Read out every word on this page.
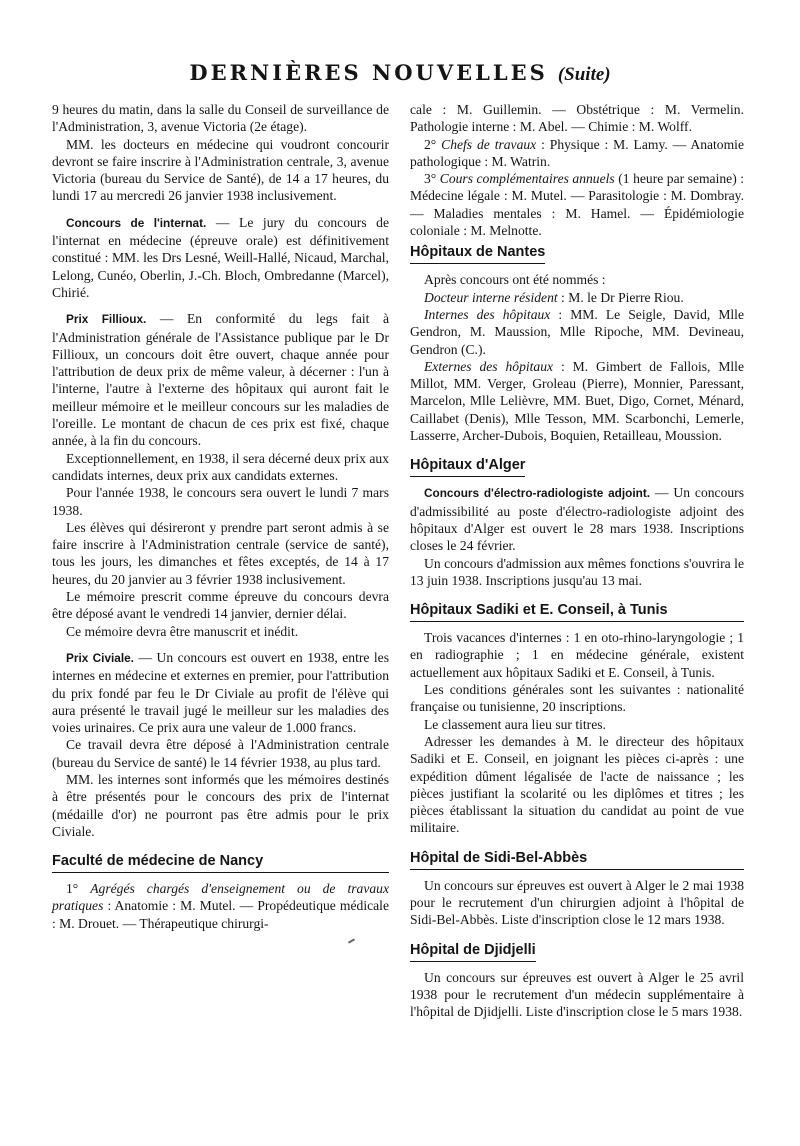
DERNIÈRES NOUVELLES (Suite)

9 heures du matin, dans la salle du Conseil de surveillance de l'Administration, 3, avenue Victoria (2e étage).

MM. les docteurs en médecine qui voudront concourir devront se faire inscrire à l'Administration centrale, 3, avenue Victoria (bureau du Service de Santé), de 14 a 17 heures, du lundi 17 au mercredi 26 janvier 1938 inclusivement.

Concours de l'internat. — Le jury du concours de l'internat en médecine (épreuve orale) est définitivement constitué : MM. les Drs Lesné, Weill-Hallé, Nicaud, Marchal, Lelong, Cunéo, Oberlin, J.-Ch. Bloch, Ombredanne (Marcel), Chirié.

Prix Fillioux. — En conformité du legs fait à l'Administration générale de l'Assistance publique par le Dr Fillioux, un concours doit être ouvert, chaque année pour l'attribution de deux prix de même valeur, à décerner : l'un à l'interne, l'autre à l'externe des hôpitaux qui auront fait le meilleur mémoire et le meilleur concours sur les maladies de l'oreille. Le montant de chacun de ces prix est fixé, chaque année, à la fin du concours.

Exceptionnellement, en 1938, il sera décerné deux prix aux candidats internes, deux prix aux candidats externes.

Pour l'année 1938, le concours sera ouvert le lundi 7 mars 1938.

Les élèves qui désireront y prendre part seront admis à se faire inscrire à l'Administration centrale (service de santé), tous les jours, les dimanches et fêtes exceptés, de 14 à 17 heures, du 20 janvier au 3 février 1938 inclusivement.

Le mémoire prescrit comme épreuve du concours devra être déposé avant le vendredi 14 janvier, dernier délai.

Ce mémoire devra être manuscrit et inédit.

Prix Civiale. — Un concours est ouvert en 1938, entre les internes en médecine et externes en premier, pour l'attribution du prix fondé par feu le Dr Civiale au profit de l'élève qui aura présenté le travail jugé le meilleur sur les maladies des voies urinaires. Ce prix aura une valeur de 1.000 francs.

Ce travail devra être déposé à l'Administration centrale (bureau du Service de santé) le 14 février 1938, au plus tard.

MM. les internes sont informés que les mémoires destinés à être présentés pour le concours des prix de l'internat (médaille d'or) ne pourront pas être admis pour le prix Civiale.

Faculté de médecine de Nancy

1° Agrégés chargés d'enseignement ou de travaux pratiques : Anatomie : M. Mutel. — Propédeutique médicale : M. Drouet. — Thérapeutique chirurgi-

cale : M. Guillemin. — Obstétrique : M. Vermelin. Pathologie interne : M. Abel. — Chimie : M. Wolff.

2° Chefs de travaux : Physique : M. Lamy. — Anatomie pathologique : M. Watrin.

3° Cours complémentaires annuels (1 heure par semaine) : Médecine légale : M. Mutel. — Parasitologie : M. Dombray. — Maladies mentales : M. Hamel. — Épidémiologie coloniale : M. Melnotte.

Hôpitaux de Nantes

Après concours ont été nommés :

Docteur interne résident : M. le Dr Pierre Riou.

Internes des hôpitaux : MM. Le Seigle, David, Mlle Gendron, M. Maussion, Mlle Ripoche, MM. Devineau, Gendron (C.).

Externes des hôpitaux : M. Gimbert de Fallois, Mlle Millot, MM. Verger, Groleau (Pierre), Monnier, Paressant, Marcelon, Mlle Lelièvre, MM. Buet, Digo, Cornet, Ménard, Caillabet (Denis), Mlle Tesson, MM. Scarbonchi, Lemerle, Lasserre, Archer-Dubois, Boquien, Retailleau, Moussion.

Hôpitaux d'Alger

Concours d'électro-radiologiste adjoint. — Un concours d'admissibilité au poste d'électro-radiologiste adjoint des hôpitaux d'Alger est ouvert le 28 mars 1938. Inscriptions closes le 24 février.

Un concours d'admission aux mêmes fonctions s'ouvrira le 13 juin 1938. Inscriptions jusqu'au 13 mai.

Hôpitaux Sadiki et E. Conseil, à Tunis

Trois vacances d'internes : 1 en oto-rhino-laryngologie ; 1 en radiographie ; 1 en médecine générale, existent actuellement aux hôpitaux Sadiki et E. Conseil, à Tunis.

Les conditions générales sont les suivantes : nationalité française ou tunisienne, 20 inscriptions.

Le classement aura lieu sur titres.

Adresser les demandes à M. le directeur des hôpitaux Sadiki et E. Conseil, en joignant les pièces ci-après : une expédition dûment légalisée de l'acte de naissance ; les pièces justifiant la scolarité ou les diplômes et titres ; les pièces établissant la situation du candidat au point de vue militaire.

Hôpital de Sidi-Bel-Abbès

Un concours sur épreuves est ouvert à Alger le 2 mai 1938 pour le recrutement d'un chirurgien adjoint à l'hôpital de Sidi-Bel-Abbès. Liste d'inscription close le 12 mars 1938.

Hôpital de Djidjelli

Un concours sur épreuves est ouvert à Alger le 25 avril 1938 pour le recrutement d'un médecin supplémentaire à l'hôpital de Djidjelli. Liste d'inscription close le 5 mars 1938.
